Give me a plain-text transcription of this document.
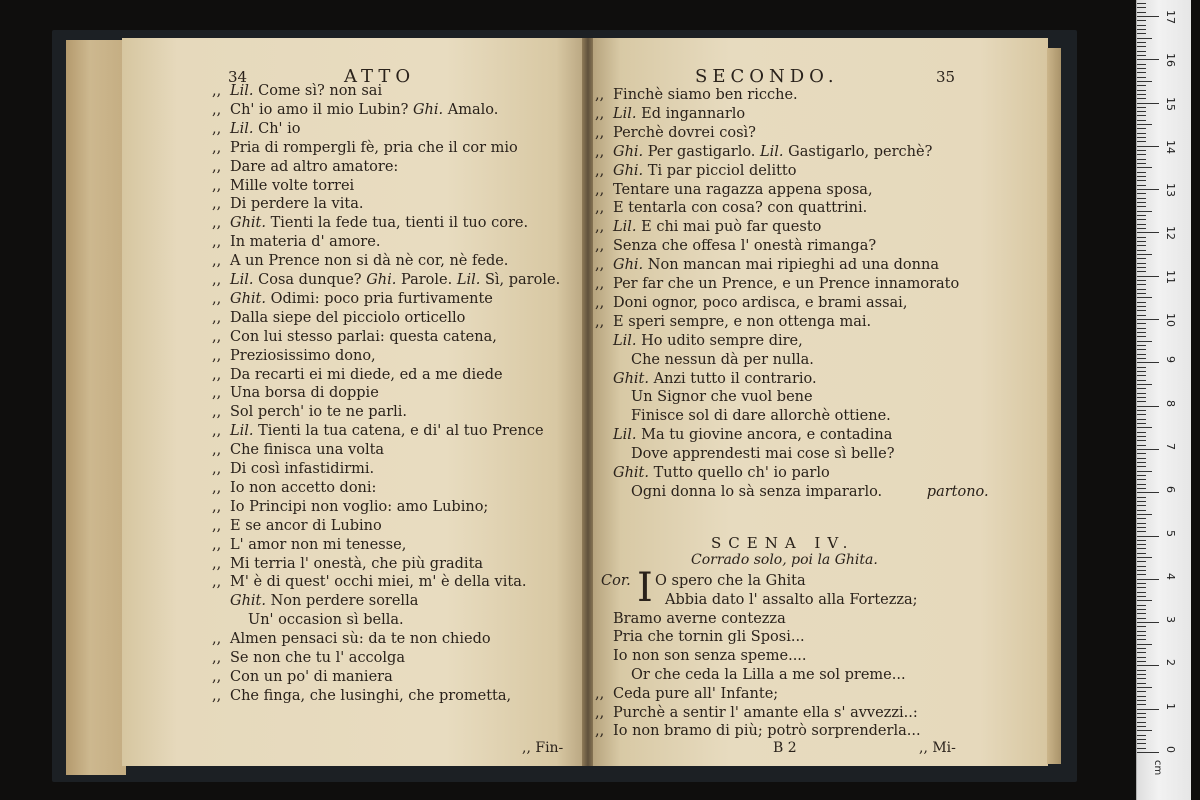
34	ATTO
,, Lil. Come sì? non sai
,, Ch' io amo il mio Lubin? Ghi. Amalo.
,, Lil. Ch' io
,, Pria di rompergli fè, pria che il cor mio
,, Dare ad altro amatore:
,, Mille volte torrei
,, Di perdere la vita.
,, Ghit. Tienti la fede tua, tienti il tuo core.
,, In materia d' amore.
,, A un Prence non si dà nè cor, nè fede.
,, Lil. Cosa dunque? Ghi. Parole. Lil. Sì, parole.
,, Ghit. Odimi: poco pria furtivamente
,, Dalla siepe del picciolo orticello
,, Con lui stesso parlai: questa catena,
,, Preziosissimo dono,
,, Da recarti ei mi diede, ed a me diede
,, Una borsa di doppie
,, Sol perch' io te ne parli.
,, Lil. Tienti la tua catena, e di' al tuo Prence
,, Che finisca una volta
,, Di così infastidirmi.
,, Io non accetto doni:
,, Io Principi non voglio: amo Lubino;
,, E se ancor di Lubino
,, L' amor non mi tenesse,
,, Mi terria l' onestà, che più gradita
,, M' è di quest' occhi miei, m' è della vita.
Ghit. Non perdere sorella
Un' occasion sì bella.
,, Almen pensaci sù: da te non chiedo
,, Se non che tu l' accolga
,, Con un po' di maniera
,, Che finga, che lusinghi, che prometta,
,, Fin-
SECONDO.	35
,, Finchè siamo ben ricche.
,, Lil. Ed ingannarlo
,, Perchè dovrei così?
,, Ghi. Per gastigarlo. Lil. Gastigarlo, perchè?
,, Ghi. Ti par picciol delitto
,, Tentare una ragazza appena sposa,
,, E tentarla con cosa? con quattrini.
,, Lil. E chi mai può far questo
,, Senza che offesa l' onestà rimanga?
,, Ghi. Non mancan mai ripieghi ad una donna
,, Per far che un Prence, e un Prence innamorato
,, Doni ognor, poco ardisca, e brami assai,
,, E speri sempre, e non ottenga mai.
Lil. Ho udito sempre dire,
Che nessun dà per nulla.
Ghit. Anzi tutto il contrario.
Un Signor che vuol bene
Finisce sol di dare allorchè ottiene.
Lil. Ma tu giovine ancora, e contadina
Dove apprendesti mai cose sì belle?
Ghit. Tutto quello ch' io parlo
Ogni donna lo sà senza impararlo.	partono.
SCENA IV.
Corrado solo, poi la Ghita.
Cor. I O spero che la Ghita
Abbia dato l' assalto alla Fortezza;
Bramo averne contezza
Pria che tornin gli Sposi...
Io non son senza speme....
Or che ceda la Lilla a me sol preme...
,, Ceda pure all' Infante;
,, Purchè a sentir l' amante ella s' avvezzi..:
,, Io non bramo di più; potrò sorprenderla...
B 2	,, Mi-
cm
0
1
2
3
4
5
6
7
8
9
10
11
12
13
14
15
16
17
